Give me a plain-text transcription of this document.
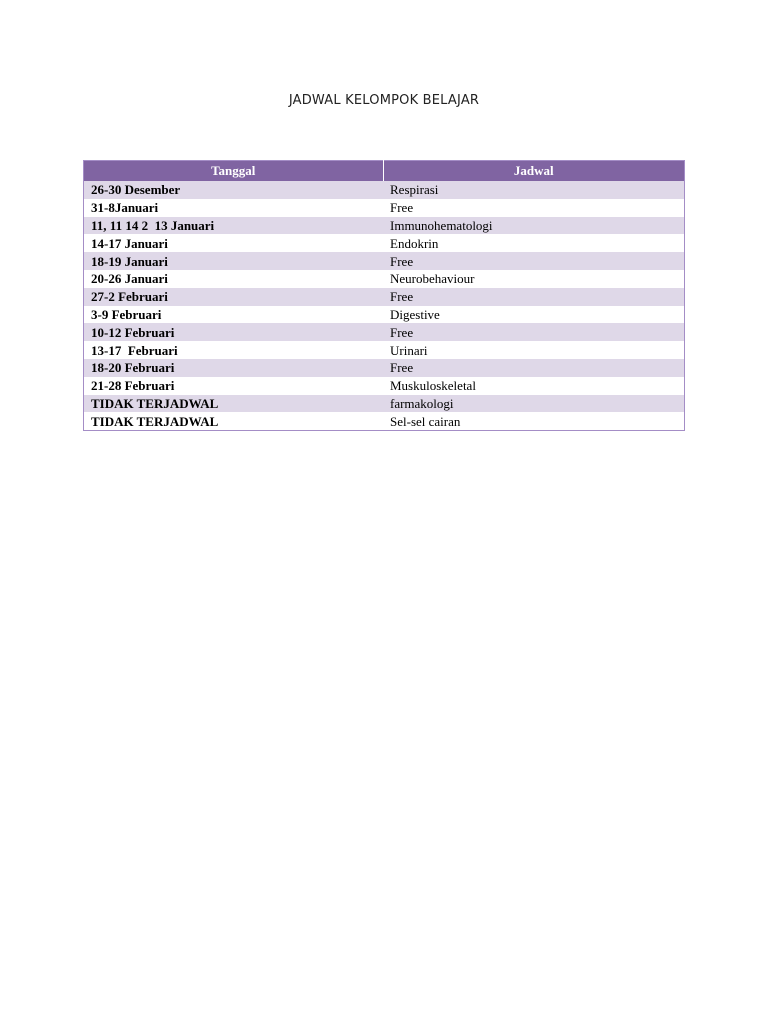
JADWAL KELOMPOK BELAJAR
Tanggal	Jadwal
26-30 Desember	Respirasi
31-8Januari	Free
11, 11 14 2  13 Januari	Immunohematologi
14-17 Januari	Endokrin
18-19 Januari	Free
20-26 Januari	Neurobehaviour
27-2 Februari	Free
3-9 Februari	Digestive
10-12 Februari	Free
13-17  Februari	Urinari
18-20 Februari	Free
21-28 Februari	Muskuloskeletal
TIDAK TERJADWAL	farmakologi
TIDAK TERJADWAL	Sel-sel cairan
